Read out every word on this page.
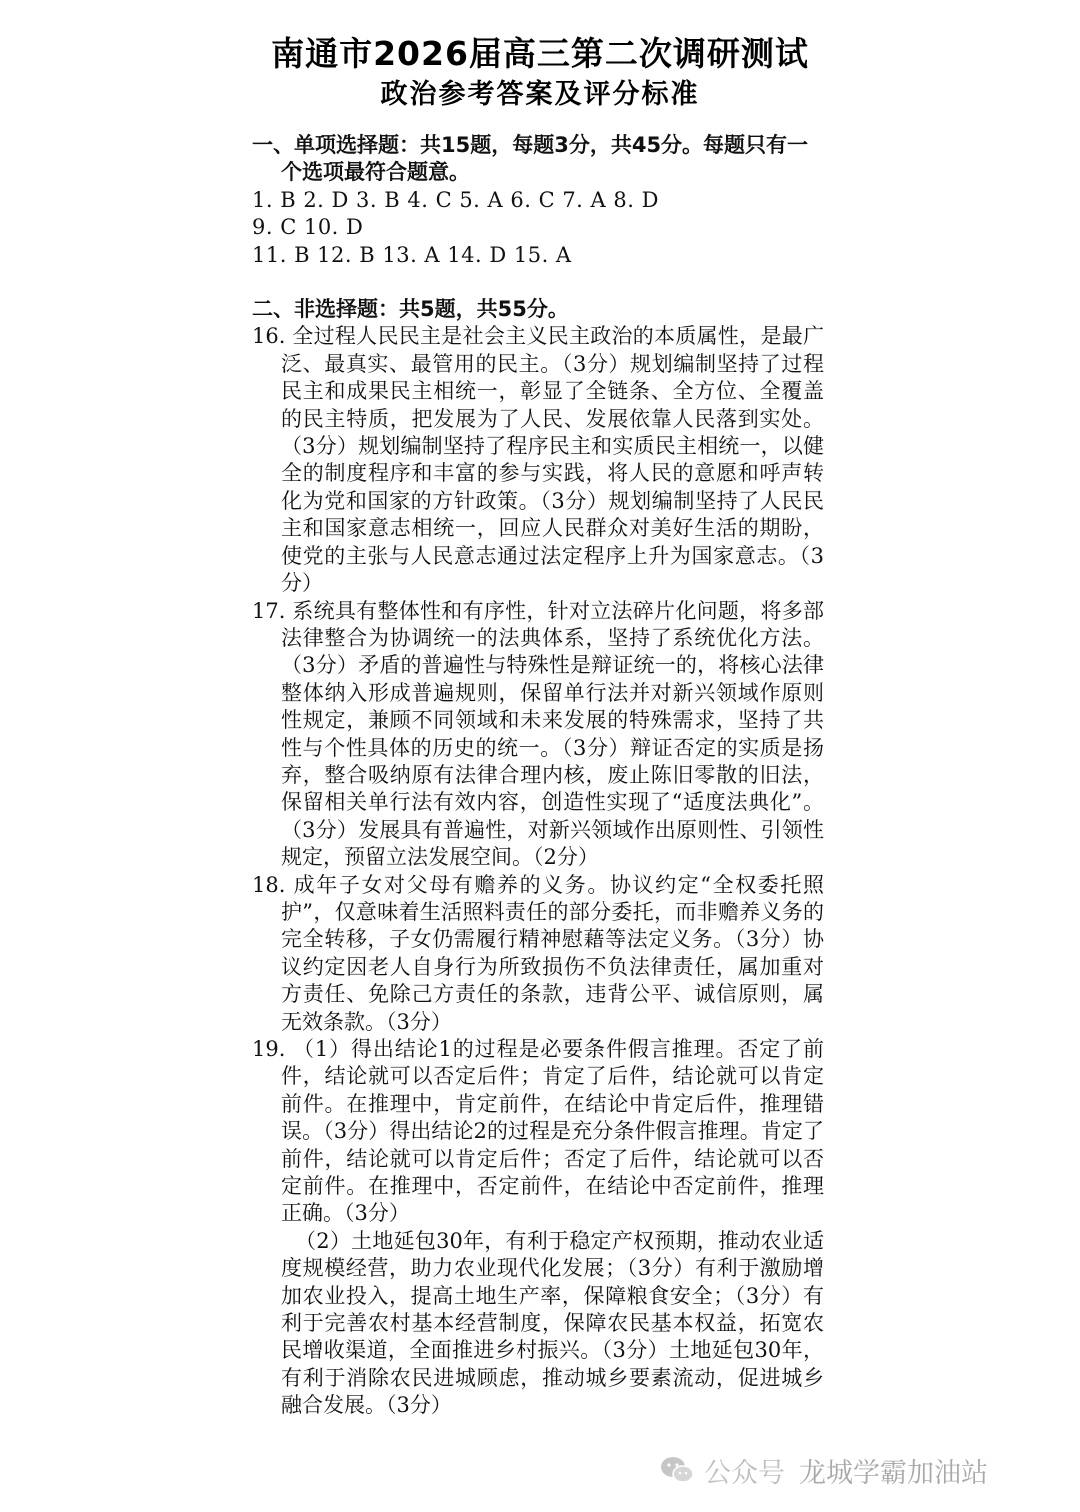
南通市2026届高三第二次调研测试
政治参考答案及评分标准

一、单项选择题：共15题，每题3分，共45分。每题只有一个选项最符合题意。

1. B 2. D 3. B 4. C 5. A 6. C 7. A 8. D

9. C 10. D

11. B 12. B 13. A 14. D 15. A

二、非选择题：共5题，共55分。

16. 全过程人民民主是社会主义民主政治的本质属性，是最广泛、最真实、最管用的民主。（3分）规划编制坚持了过程民主和成果民主相统一，彰显了全链条、全方位、全覆盖的民主特质，把发展为了人民、发展依靠人民落到实处。（3分）规划编制坚持了程序民主和实质民主相统一，以健全的制度程序和丰富的参与实践，将人民的意愿和呼声转化为党和国家的方针政策。（3分）规划编制坚持了人民民主和国家意志相统一，回应人民群众对美好生活的期盼，使党的主张与人民意志通过法定程序上升为国家意志。（3分）

17. 系统具有整体性和有序性，针对立法碎片化问题，将多部法律整合为协调统一的法典体系，坚持了系统优化方法。（3分）矛盾的普遍性与特殊性是辩证统一的，将核心法律整体纳入形成普遍规则，保留单行法并对新兴领域作原则性规定，兼顾不同领域和未来发展的特殊需求，坚持了共性与个性具体的历史的统一。（3分）辩证否定的实质是扬弃，整合吸纳原有法律合理内核，废止陈旧零散的旧法，保留相关单行法有效内容，创造性实现了“适度法典化”。（3分）发展具有普遍性，对新兴领域作出原则性、引领性规定，预留立法发展空间。（2分）

18. 成年子女对父母有赡养的义务。协议约定“全权委托照护”，仅意味着生活照料责任的部分委托，而非赡养义务的完全转移，子女仍需履行精神慰藉等法定义务。（3分）协议约定因老人自身行为所致损伤不负法律责任，属加重对方责任、免除己方责任的条款，违背公平、诚信原则，属无效条款。（3分）

19. （1）得出结论1的过程是必要条件假言推理。否定了前件，结论就可以否定后件；肯定了后件，结论就可以肯定前件。在推理中，肯定前件，在结论中肯定后件，推理错误。（3分）得出结论2的过程是充分条件假言推理。肯定了前件，结论就可以肯定后件；否定了后件，结论就可以否定前件。在推理中，否定前件，在结论中否定前件，推理正确。（3分）

（2）土地延包30年，有利于稳定产权预期，推动农业适度规模经营，助力农业现代化发展；（3分）有利于激励增加农业投入，提高土地生产率，保障粮食安全；（3分）有利于完善农村基本经营制度，保障农民基本权益，拓宽农民增收渠道，全面推进乡村振兴。（3分）土地延包30年，有利于消除农民进城顾虑，推动城乡要素流动，促进城乡融合发展。（3分）

公众号 龙城学霸加油站
